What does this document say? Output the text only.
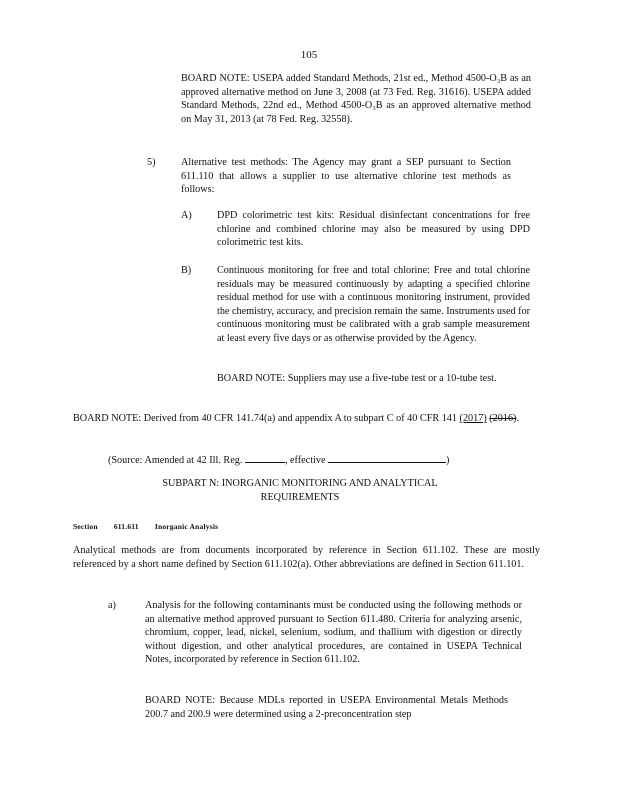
105
BOARD NOTE: USEPA added Standard Methods, 21st ed., Method 4500-O₃B as an approved alternative method on June 3, 2008 (at 73 Fed. Reg. 31616). USEPA added Standard Methods, 22nd ed., Method 4500-O₃B as an approved alternative method on May 31, 2013 (at 78 Fed. Reg. 32558).
5)	Alternative test methods: The Agency may grant a SEP pursuant to Section 611.110 that allows a supplier to use alternative chlorine test methods as follows:
A)	DPD colorimetric test kits: Residual disinfectant concentrations for free chlorine and combined chlorine may also be measured by using DPD colorimetric test kits.
B)	Continuous monitoring for free and total chlorine: Free and total chlorine residuals may be measured continuously by adapting a specified chlorine residual method for use with a continuous monitoring instrument, provided the chemistry, accuracy, and precision remain the same. Instruments used for continuous monitoring must be calibrated with a grab sample measurement at least every five days or as otherwise provided by the Agency.
BOARD NOTE: Suppliers may use a five-tube test or a 10-tube test.
BOARD NOTE: Derived from 40 CFR 141.74(a) and appendix A to subpart C of 40 CFR 141 (2017) (2016).
(Source: Amended at 42 Ill. Reg.	, effective	)
SUBPART N: INORGANIC MONITORING AND ANALYTICAL REQUIREMENTS
Section 611.611 Inorganic Analysis
Analytical methods are from documents incorporated by reference in Section 611.102. These are mostly referenced by a short name defined by Section 611.102(a). Other abbreviations are defined in Section 611.101.
a)	Analysis for the following contaminants must be conducted using the following methods or an alternative method approved pursuant to Section 611.480. Criteria for analyzing arsenic, chromium, copper, lead, nickel, selenium, sodium, and thallium with digestion or directly without digestion, and other analytical procedures, are contained in USEPA Technical Notes, incorporated by reference in Section 611.102.
BOARD NOTE: Because MDLs reported in USEPA Environmental Metals Methods 200.7 and 200.9 were determined using a 2-preconcentration step
